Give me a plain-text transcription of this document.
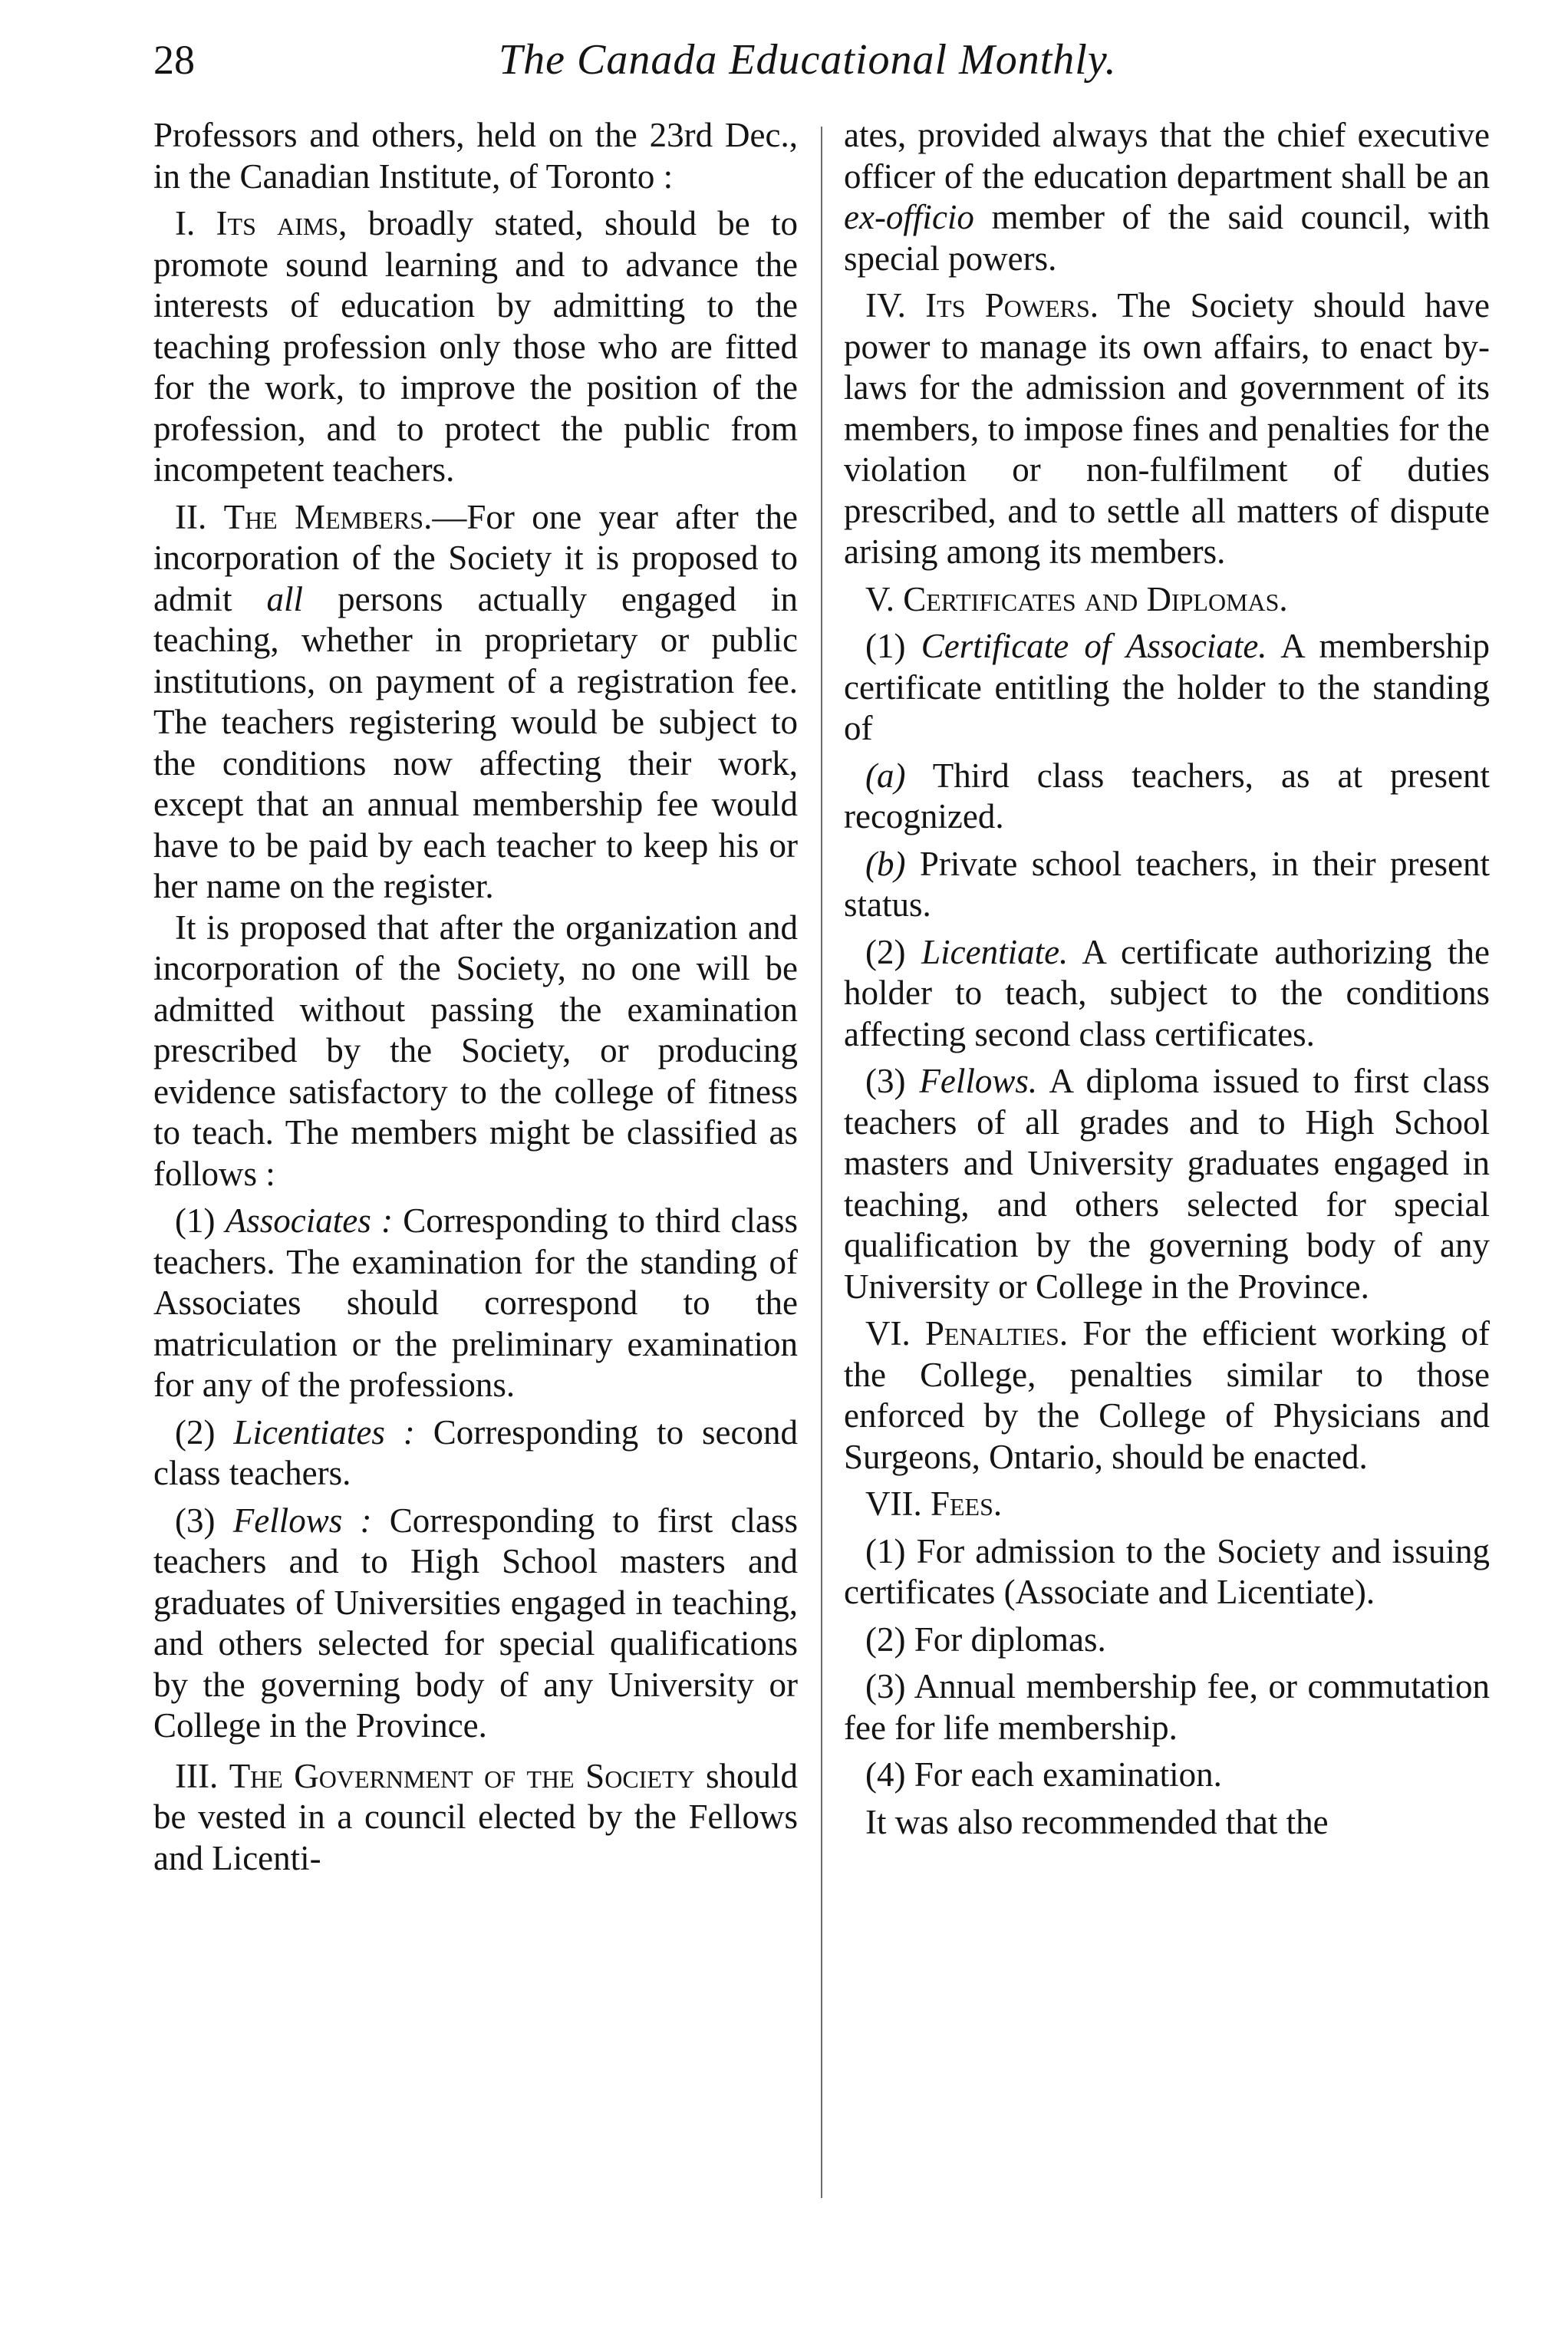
28	The Canada Educational Monthly.

Professors and others, held on the 23rd Dec., in the Canadian Institute, of Toronto :

I. Its aims, broadly stated, should be to promote sound learning and to advance the interests of education by admitting to the teaching profession only those who are fitted for the work, to improve the position of the profession, and to protect the public from incompetent teachers.

II. The Members.—For one year after the incorporation of the Society it is proposed to admit all persons actually engaged in teaching, whether in proprietary or public institutions, on payment of a registration fee. The teachers registering would be subject to the conditions now affecting their work, except that an annual membership fee would have to be paid by each teacher to keep his or her name on the register.

It is proposed that after the organization and incorporation of the Society, no one will be admitted without passing the examination prescribed by the Society, or producing evidence satisfactory to the college of fitness to teach. The members might be classified as follows :

(1) Associates : Corresponding to third class teachers. The examination for the standing of Associates should correspond to the matriculation or the preliminary examination for any of the professions.

(2) Licentiates : Corresponding to second class teachers.

(3) Fellows : Corresponding to first class teachers and to High School masters and graduates of Universities engaged in teaching, and others selected for special qualifications by the governing body of any University or College in the Province.

III. The Government of the Society should be vested in a council elected by the Fellows and Licenti-

ates, provided always that the chief executive officer of the education department shall be an ex-officio member of the said council, with special powers.

IV. Its Powers. The Society should have power to manage its own affairs, to enact by-laws for the admission and government of its members, to impose fines and penalties for the violation or non-fulfilment of duties prescribed, and to settle all matters of dispute arising among its members.

V. Certificates and Diplomas.

(1) Certificate of Associate. A membership certificate entitling the holder to the standing of

(a) Third class teachers, as at present recognized.

(b) Private school teachers, in their present status.

(2) Licentiate. A certificate authorizing the holder to teach, subject to the conditions affecting second class certificates.

(3) Fellows. A diploma issued to first class teachers of all grades and to High School masters and University graduates engaged in teaching, and others selected for special qualification by the governing body of any University or College in the Province.

VI. Penalties. For the efficient working of the College, penalties similar to those enforced by the College of Physicians and Surgeons, Ontario, should be enacted.

VII. Fees.

(1) For admission to the Society and issuing certificates (Associate and Licentiate).

(2) For diplomas.

(3) Annual membership fee, or commutation fee for life membership.

(4) For each examination.

It was also recommended that the
